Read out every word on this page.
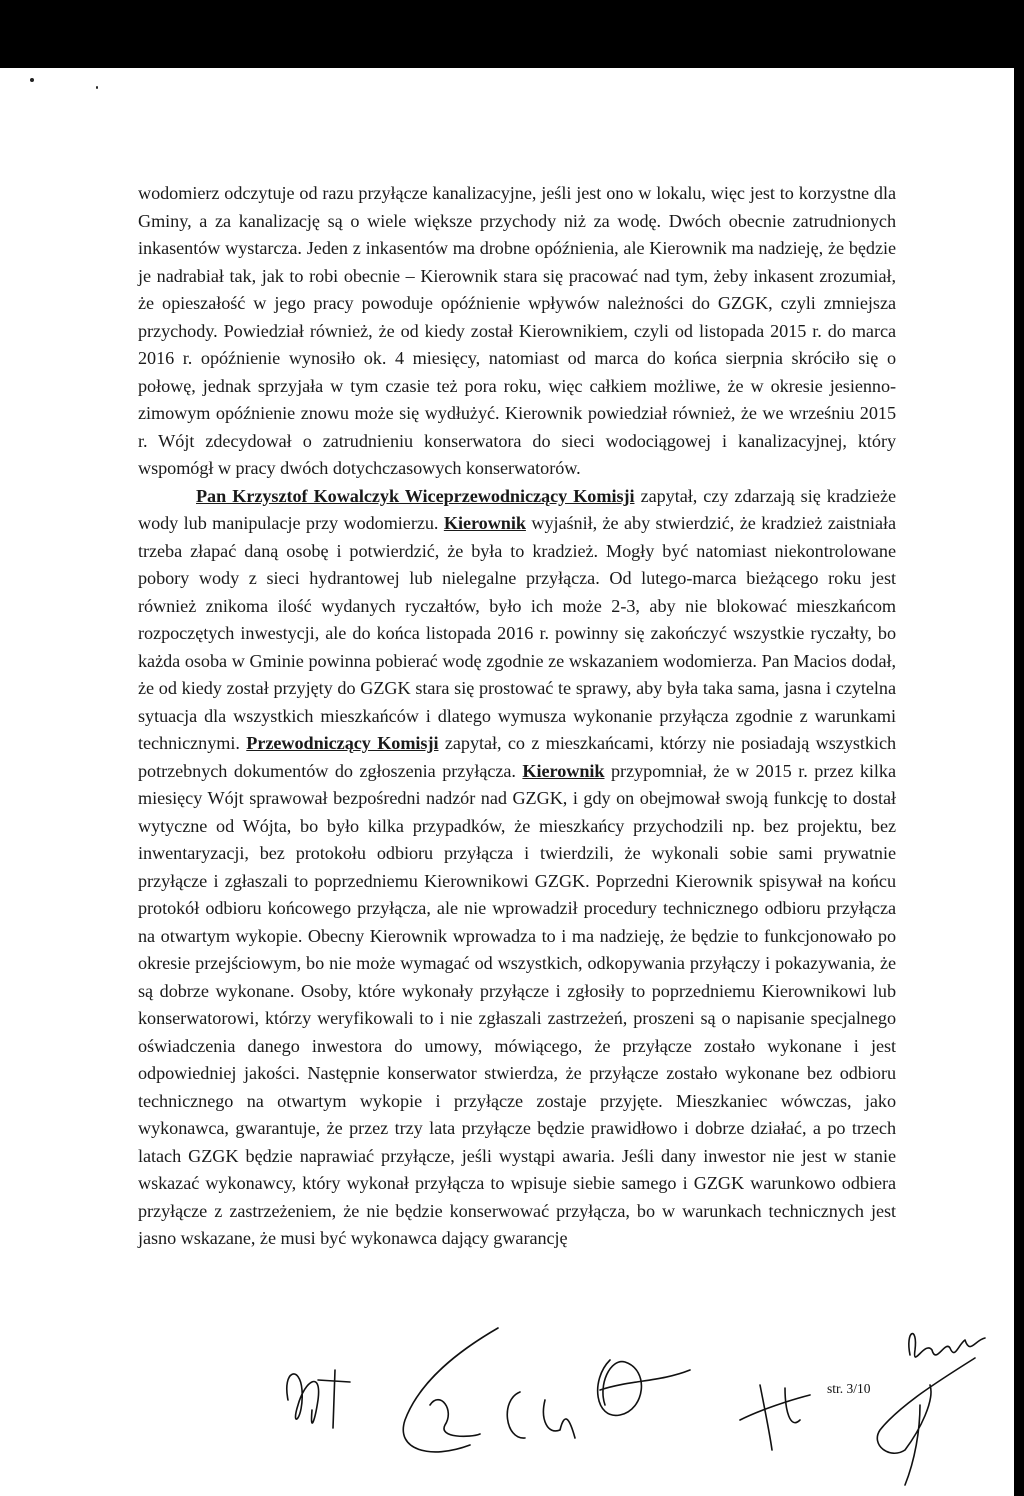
wodomierz odczytuje od razu przyłącze kanalizacyjne, jeśli jest ono w lokalu, więc jest to korzystne dla Gminy, a za kanalizację są o wiele większe przychody niż za wodę. Dwóch obecnie zatrudnionych inkasentów wystarcza. Jeden z inkasentów ma drobne opóźnienia, ale Kierownik ma nadzieję, że będzie je nadrabiał tak, jak to robi obecnie – Kierownik stara się pracować nad tym, żeby inkasent zrozumiał, że opieszałość w jego pracy powoduje opóźnienie wpływów należności do GZGK, czyli zmniejsza przychody. Powiedział również, że od kiedy został Kierownikiem, czyli od listopada 2015 r. do marca 2016 r. opóźnienie wynosiło ok. 4 miesięcy, natomiast od marca do końca sierpnia skróciło się o połowę, jednak sprzyjała w tym czasie też pora roku, więc całkiem możliwe, że w okresie jesienno-zimowym opóźnienie znowu może się wydłużyć. Kierownik powiedział również, że we wrześniu 2015 r. Wójt zdecydował o zatrudnieniu konserwatora do sieci wodociągowej i kanalizacyjnej, który wspomógł w pracy dwóch dotychczasowych konserwatorów.

Pan Krzysztof Kowalczyk Wiceprzewodniczący Komisji zapytał, czy zdarzają się kradzieże wody lub manipulacje przy wodomierzu. Kierownik wyjaśnił, że aby stwierdzić, że kradzież zaistniała trzeba złapać daną osobę i potwierdzić, że była to kradzież. Mogły być natomiast niekontrolowane pobory wody z sieci hydrantowej lub nielegalne przyłącza. Od lutego-marca bieżącego roku jest również znikoma ilość wydanych ryczałtów, było ich może 2-3, aby nie blokować mieszkańcom rozpoczętych inwestycji, ale do końca listopada 2016 r. powinny się zakończyć wszystkie ryczałty, bo każda osoba w Gminie powinna pobierać wodę zgodnie ze wskazaniem wodomierza. Pan Macios dodał, że od kiedy został przyjęty do GZGK stara się prostować te sprawy, aby była taka sama, jasna i czytelna sytuacja dla wszystkich mieszkańców i dlatego wymusza wykonanie przyłącza zgodnie z warunkami technicznymi. Przewodniczący Komisji zapytał, co z mieszkańcami, którzy nie posiadają wszystkich potrzebnych dokumentów do zgłoszenia przyłącza. Kierownik przypomniał, że w 2015 r. przez kilka miesięcy Wójt sprawował bezpośredni nadzór nad GZGK, i gdy on obejmował swoją funkcję to dostał wytyczne od Wójta, bo było kilka przypadków, że mieszkańcy przychodzili np. bez projektu, bez inwentaryzacji, bez protokołu odbioru przyłącza i twierdzili, że wykonali sobie sami prywatnie przyłącze i zgłaszali to poprzedniemu Kierownikowi GZGK. Poprzedni Kierownik spisywał na końcu protokół odbioru końcowego przyłącza, ale nie wprowadził procedury technicznego odbioru przyłącza na otwartym wykopie. Obecny Kierownik wprowadza to i ma nadzieję, że będzie to funkcjonowało po okresie przejściowym, bo nie może wymagać od wszystkich, odkopywania przyłączy i pokazywania, że są dobrze wykonane. Osoby, które wykonały przyłącze i zgłosiły to poprzedniemu Kierownikowi lub konserwatorowi, którzy weryfikowali to i nie zgłaszali zastrzeżeń, proszeni są o napisanie specjalnego oświadczenia danego inwestora do umowy, mówiącego, że przyłącze zostało wykonane i jest odpowiedniej jakości. Następnie konserwator stwierdza, że przyłącze zostało wykonane bez odbioru technicznego na otwartym wykopie i przyłącze zostaje przyjęte. Mieszkaniec wówczas, jako wykonawca, gwarantuje, że przez trzy lata przyłącze będzie prawidłowo i dobrze działać, a po trzech latach GZGK będzie naprawiać przyłącze, jeśli wystąpi awaria. Jeśli dany inwestor nie jest w stanie wskazać wykonawcy, który wykonał przyłącza to wpisuje siebie samego i GZGK warunkowo odbiera przyłącze z zastrzeżeniem, że nie będzie konserwować przyłącza, bo w warunkach technicznych jest jasno wskazane, że musi być wykonawca dający gwarancję

str. 3/10
